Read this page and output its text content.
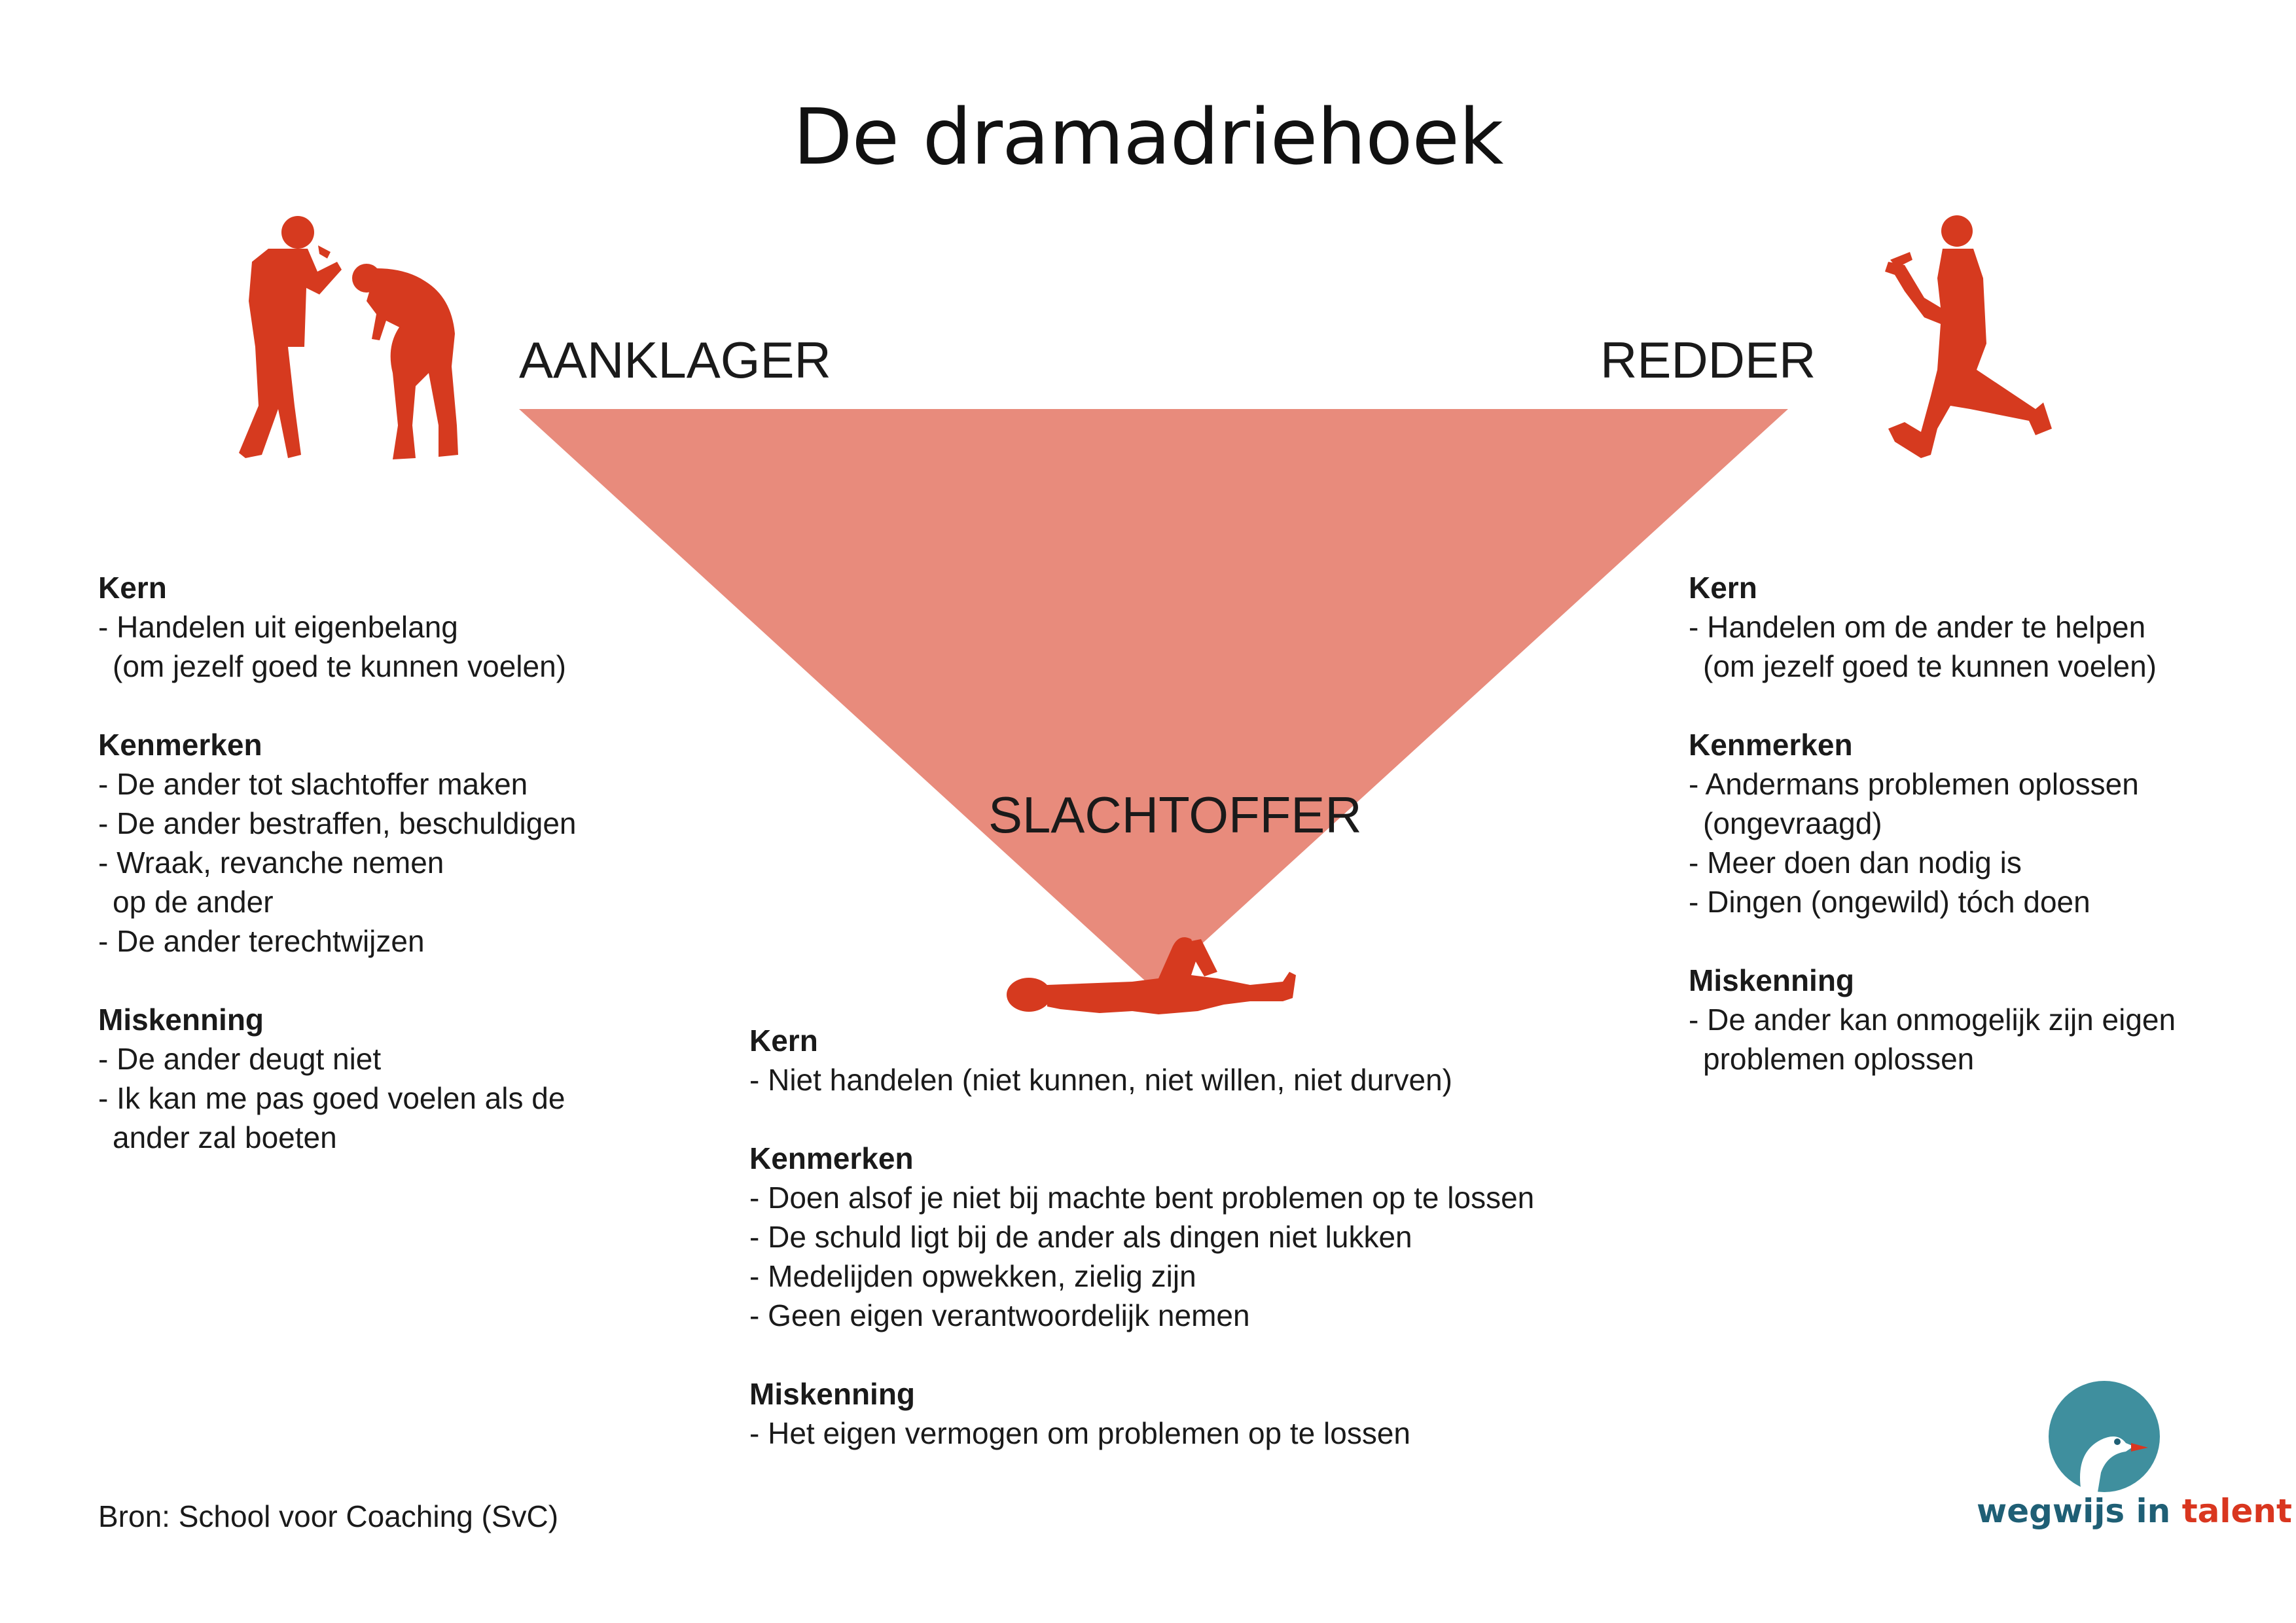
De dramadriehoek
AANKLAGER	REDDER
SLACHTOFFER

Kern

- Handelen uit eigenbelang
(om jezelf goed te kunnen voelen)

Kenmerken

- De ander tot slachtoffer maken

- De ander bestraffen, beschuldigen

- Wraak, revanche nemen
op de ander

- De ander terechtwijzen

Miskenning

- De ander deugt niet

- Ik kan me pas goed voelen als de
ander zal boeten

Kern

- Handelen om de ander te helpen
(om jezelf goed te kunnen voelen)

Kenmerken

- Andermans problemen oplossen
(ongevraagd)

- Meer doen dan nodig is

- Dingen (ongewild) tóch doen

Miskenning

- De ander kan onmogelijk zijn eigen
problemen oplossen

Kern

- Niet handelen (niet kunnen, niet willen, niet durven)

Kenmerken

- Doen alsof je niet bij machte bent problemen op te lossen

- De schuld ligt bij de ander als dingen niet lukken

- Medelijden opwekken, zielig zijn

- Geen eigen verantwoordelijk nemen

Miskenning

- Het eigen vermogen om problemen op te lossen

Bron: School voor Coaching (SvC)	wegwijs in talent
